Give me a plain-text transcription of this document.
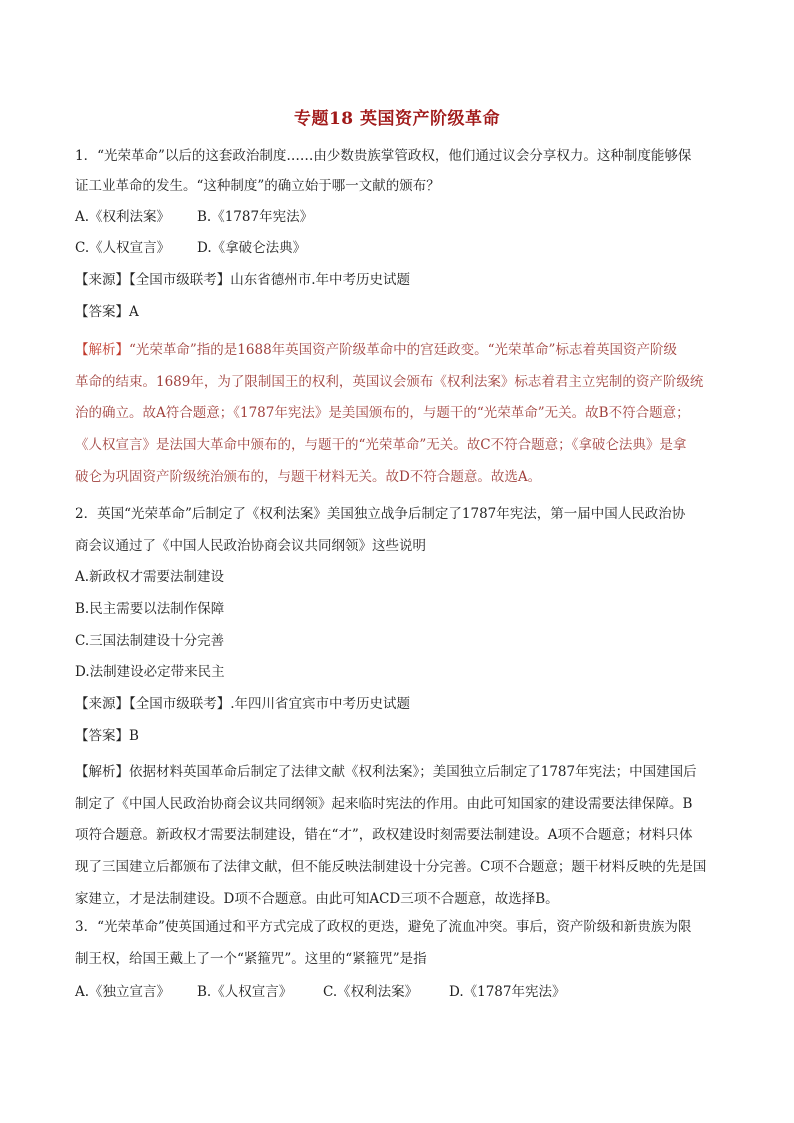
专题18 英国资产阶级革命
1．“光荣革命”以后的这套政治制度……由少数贵族掌管政权，他们通过议会分享权力。这种制度能够保
证工业革命的发生。“这种制度”的确立始于哪一文献的颁布？
A.《权利法案》 B.《1787年宪法》
C.《人权宣言》 D.《拿破仑法典》
【来源】【全国市级联考】山东省德州市.年中考历史试题
【答案】A
【解析】“光荣革命”指的是1688年英国资产阶级革命中的宫廷政变。“光荣革命”标志着英国资产阶级
革命的结束。1689年，为了限制国王的权利，英国议会颁布《权利法案》标志着君主立宪制的资产阶级统
治的确立。故A符合题意；《1787年宪法》是美国颁布的，与题干的“光荣革命”无关。故B不符合题意；
《人权宣言》是法国大革命中颁布的，与题干的“光荣革命”无关。故C不符合题意；《拿破仑法典》是拿
破仑为巩固资产阶级统治颁布的，与题干材料无关。故D不符合题意。故选A。
2．英国“光荣革命”后制定了《权利法案》美国独立战争后制定了1787年宪法，第一届中国人民政治协
商会议通过了《中国人民政治协商会议共同纲领》这些说明
A.新政权才需要法制建设
B.民主需要以法制作保障
C.三国法制建设十分完善
D.法制建设必定带来民主
【来源】【全国市级联考】.年四川省宜宾市中考历史试题
【答案】B
【解析】依据材料英国革命后制定了法律文献《权利法案》；美国独立后制定了1787年宪法；中国建国后
制定了《中国人民政治协商会议共同纲领》起来临时宪法的作用。由此可知国家的建设需要法律保障。B
项符合题意。新政权才需要法制建设，错在“才”，政权建设时刻需要法制建设。A项不合题意；材料只体
现了三国建立后都颁布了法律文献，但不能反映法制建设十分完善。C项不合题意；题干材料反映的先是国
家建立，才是法制建设。D项不合题意。由此可知ACD三项不合题意，故选择B。
3．“光荣革命”使英国通过和平方式完成了政权的更迭，避免了流血冲突。事后，资产阶级和新贵族为限
制王权，给国王戴上了一个“紧箍咒”。这里的“紧箍咒”是指
A.《独立宣言》 B.《人权宣言》 C.《权利法案》 D.《1787年宪法》
